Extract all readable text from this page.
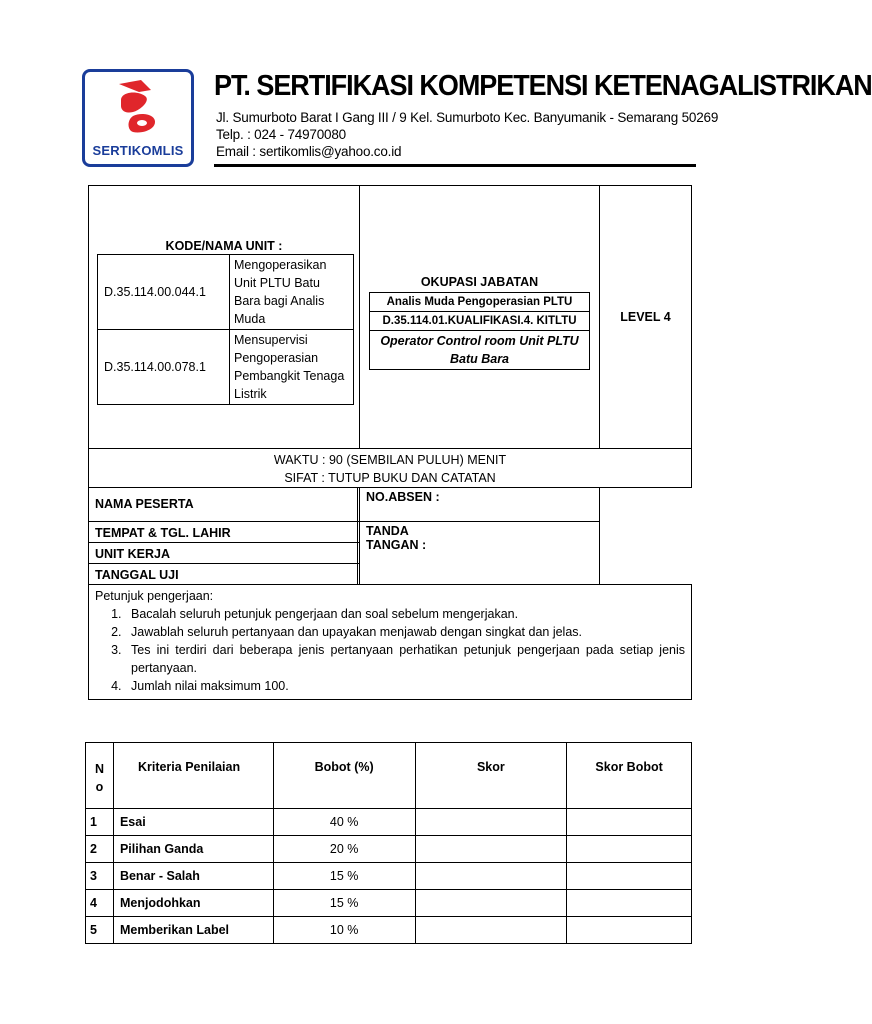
SERTIKOMLIS
PT. SERTIFIKASI KOMPETENSI KETENAGALISTRIKAN
Jl. Sumurboto Barat I Gang III / 9 Kel. Sumurboto Kec. Banyumanik - Semarang 50269
Telp. : 024 - 74970080
Email : sertikomlis@yahoo.co.id
KODE/NAMA UNIT :
D.35.114.00.044.1	Mengoperasikan Unit PLTU Batu Bara bagi Analis Muda
D.35.114.00.078.1	Mensupervisi Pengoperasian Pembangkit Tenaga Listrik

OKUPASI JABATAN
Analis Muda Pengoperasian PLTU
D.35.114.01.KUALIFIKASI.4. KITLTU
Operator Control room Unit PLTU Batu Bara
	LEVEL 4

WAKTU : 90 (SEMBILAN PULUH) MENIT
SIFAT : TUTUP BUKU DAN CATATAN

NAMA PESERTA		NO.ABSEN :
TEMPAT & TGL. LAHIR		TANDA TANGAN :

UNIT KERJA	
TANGGAL UJI	

Petunjuk pengerjaan:
1. Bacalah seluruh petunjuk pengerjaan dan soal sebelum mengerjakan.
2. Jawablah seluruh pertanyaan dan upayakan menjawab dengan singkat dan jelas.
3. Tes ini terdiri dari beberapa jenis pertanyaan perhatikan petunjuk pengerjaan pada setiap jenis pertanyaan.
4. Jumlah nilai maksimum 100.
No	Kriteria Penilaian	Bobot (%)	Skor	Skor Bobot
1	Esai	40 %		
2	Pilihan Ganda	20 %		
3	Benar - Salah	15 %		
4	Menjodohkan	15 %		
5	Memberikan Label	10 %		
